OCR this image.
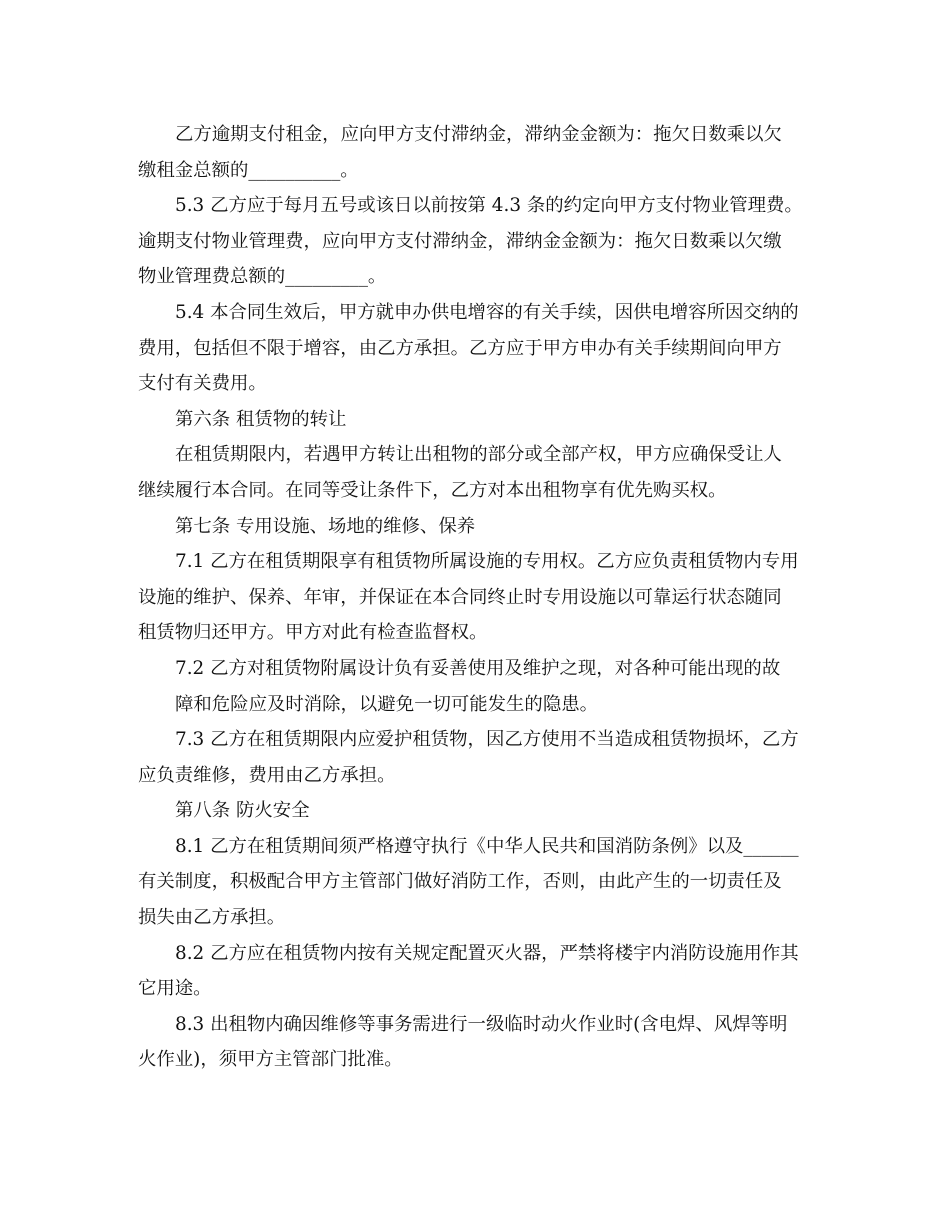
乙方逾期支付租金，应向甲方支付滞纳金，滞纳金金额为：拖欠日数乘以欠
缴租金总额的__________。
5.3 乙方应于每月五号或该日以前按第 4.3 条的约定向甲方支付物业管理费。
逾期支付物业管理费，应向甲方支付滞纳金，滞纳金金额为：拖欠日数乘以欠缴
物业管理费总额的_________。
5.4 本合同生效后，甲方就申办供电增容的有关手续，因供电增容所因交纳的
费用，包括但不限于增容，由乙方承担。乙方应于甲方申办有关手续期间向甲方
支付有关费用。
第六条 租赁物的转让
在租赁期限内，若遇甲方转让出租物的部分或全部产权，甲方应确保受让人
继续履行本合同。在同等受让条件下，乙方对本出租物享有优先购买权。
第七条 专用设施、场地的维修、保养
7.1 乙方在租赁期限享有租赁物所属设施的专用权。乙方应负责租赁物内专用
设施的维护、保养、年审，并保证在本合同终止时专用设施以可靠运行状态随同
租赁物归还甲方。甲方对此有检查监督权。
7.2 乙方对租赁物附属设计负有妥善使用及维护之现，对各种可能出现的故
障和危险应及时消除，以避免一切可能发生的隐患。
7.3 乙方在租赁期限内应爱护租赁物，因乙方使用不当造成租赁物损坏，乙方
应负责维修，费用由乙方承担。
第八条 防火安全
8.1 乙方在租赁期间须严格遵守执行《中华人民共和国消防条例》以及______
有关制度，积极配合甲方主管部门做好消防工作，否则，由此产生的一切责任及
损失由乙方承担。
8.2 乙方应在租赁物内按有关规定配置灭火器，严禁将楼宇内消防设施用作其
它用途。
8.3 出租物内确因维修等事务需进行一级临时动火作业时(含电焊、风焊等明
火作业)，须甲方主管部门批准。
